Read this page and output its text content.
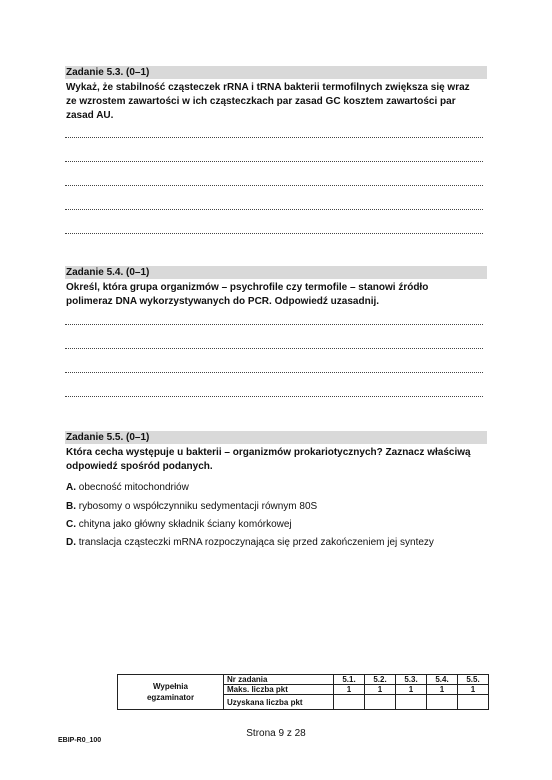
Zadanie 5.3. (0–1)
Wykaż, że stabilność cząsteczek rRNA i tRNA bakterii termofilnych zwiększa się wraz
ze wzrostem zawartości w ich cząsteczkach par zasad GC kosztem zawartości par
zasad AU.
Zadanie 5.4. (0–1)
Określ, która grupa organizmów – psychrofile czy termofile – stanowi źródło
polimeraz DNA wykorzystywanych do PCR. Odpowiedź uzasadnij.
Zadanie 5.5. (0–1)
Która cecha występuje u bakterii – organizmów prokariotycznych? Zaznacz właściwą
odpowiedź spośród podanych.
A. obecność mitochondriów
B. rybosomy o współczynniku sedymentacji równym 80S
C. chityna jako główny składnik ściany komórkowej
D. translacja cząsteczki mRNA rozpoczynająca się przed zakończeniem jej syntezy
Wypełnia
egzaminator	Nr zadania	5.1.	5.2.	5.3.	5.4.	5.5.
	Maks. liczba pkt	1	1	1	1	1
	Uzyskana liczba pkt					
Strona 9 z 28
EBIP-R0_100
